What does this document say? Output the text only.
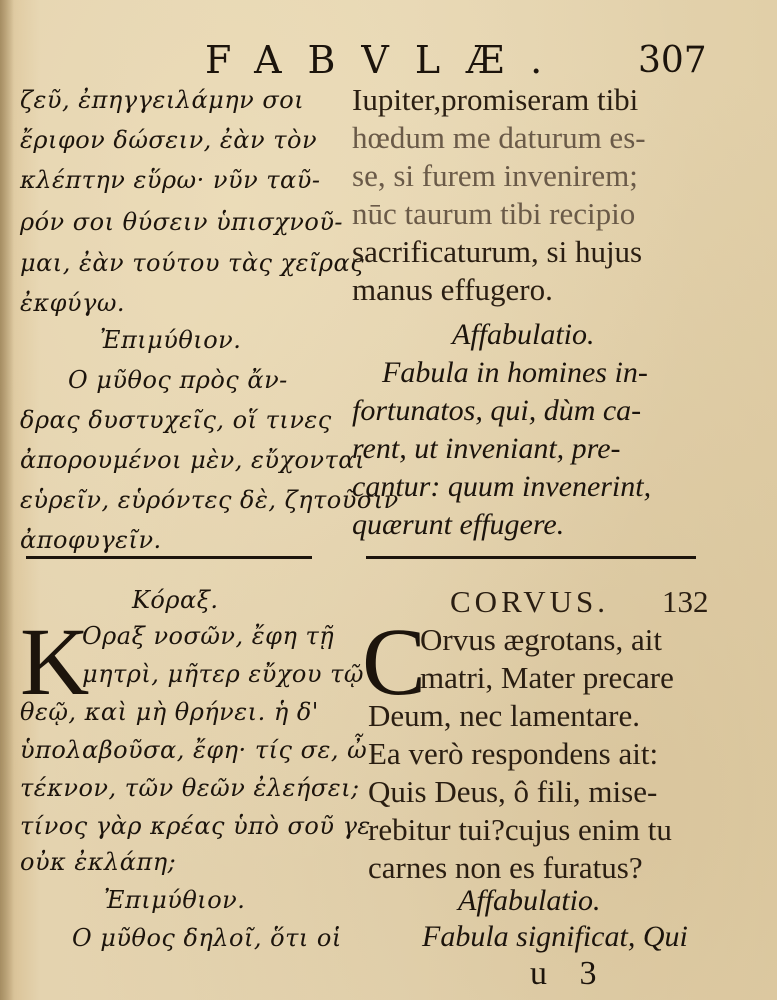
FABVLÆ. 307
ζεῦ, ἐπηγγειλάμην σοι
ἔριφον δώσειν, ἐὰν τὸν
κλέπτην εὕρω· νῦν ταῦ-
ρόν σοι θύσειν ὑπισχνοῦ-
μαι, ἐὰν τούτου τὰς χεῖρας
ἐκφύγω.
Ἐπιμύθιον.
Ο μῦθος πρὸς ἄν-
δρας δυστυχεῖς, οἵ τινες
ἀπορουμένοι μὲν, εὔχονται
εὑρεῖν, εὑρόντες δὲ, ζητοῦσιν
ἀποφυγεῖν.
Iupiter,promiseram tibi
hœdum me daturum es-
se, si furem invenirem;
nūc taurum tibi recipio
sacrificaturum, si hujus
manus effugero.
Affabulatio.
Fabula in homines in-
fortunatos, qui, dùm ca-
rent, ut inveniant, pre-
cantur: quum invenerint,
quærunt effugere.
Κόραξ.
K
Ορaξ νοσῶν, ἔφη τῇ
μητρὶ, μῆτερ εὔχου τῷ
θεῷ, καὶ μὴ θρήνει. ἡ δ'
ὑπολαβοῦσα, ἔφη· τίς σε, ὦ
τέκνον, τῶν θεῶν ἐλεήσει;
τίνος γὰρ κρέας ὑπὸ σοῦ γε
οὐκ ἐκλάπη;
Ἐπιμύθιον.
Ο μῦθος δηλοῖ, ὅτι οἱ
CORVUS. 132
C
Orvus ægrotans, ait
matri, Mater precare
Deum, nec lamentare.
Ea verò respondens ait:
Quis Deus, ô fili, mise-
rebitur tui?cujus enim tu
carnes non es furatus?
Affabulatio.
Fabula significat, Qui
u 3
